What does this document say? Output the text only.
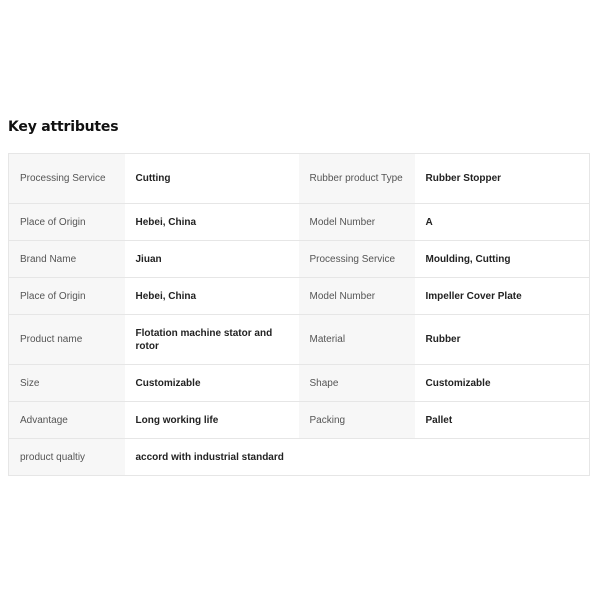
Key attributes
Processing Service	Cutting	Rubber product Type	Rubber Stopper
Place of Origin	Hebei, China	Model Number	A
Brand Name	Jiuan	Processing Service	Moulding, Cutting
Place of Origin	Hebei, China	Model Number	Impeller Cover Plate
Product name	Flotation machine stator and rotor	Material	Rubber
Size	Customizable	Shape	Customizable
Advantage	Long working life	Packing	Pallet
product qualtiy	accord with industrial standard		
